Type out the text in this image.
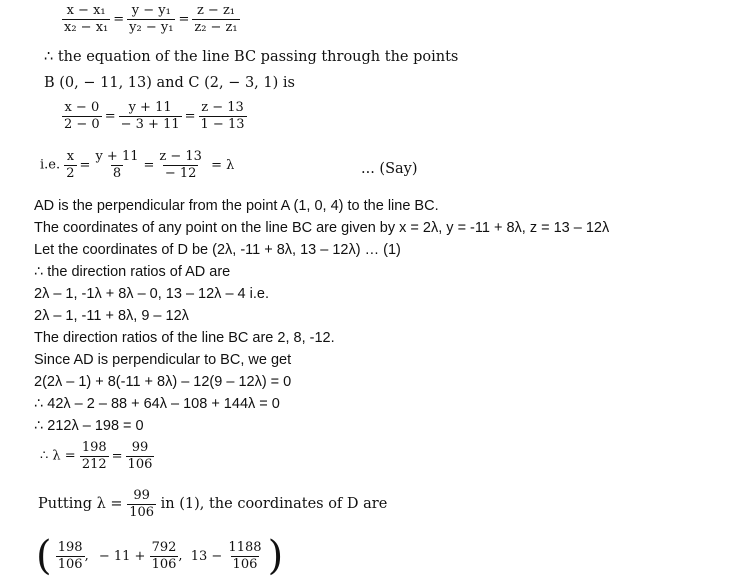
$\frac{\text{x − x₁}}{\text{x₂ − x₁}} = \frac{\text{y − y₁}}{\text{y₂ − y₁}} = \frac{\text{z − z₁}}{\text{z₂ − z₁}}$
∴ the equation of the line BC passing through the points
B (0, − 11, 13) and C (2, − 3, 1) is
$\frac{x - 0}{2 - 0} = \frac{y + 11}{- 3 + 11} = \frac{z - 13}{1 - 13}$
i.e. $\frac{x}{2} = \frac{y + 11}{8} = \frac{z - 13}{- 12} = \lambda$	... (Say)
AD is the perpendicular from the point A (1, 0, 4) to the line BC.
The coordinates of any point on the line BC are given by x = 2λ, y = -11 + 8λ, z = 13 – 12λ
Let the coordinates of D be (2λ, -11 + 8λ, 13 – 12λ) … (1)
∴ the direction ratios of AD are
2λ – 1, -1λ + 8λ – 0, 13 – 12λ – 4 i.e.
2λ – 1, -11 + 8λ, 9 – 12λ
The direction ratios of the line BC are 2, 8, -12.
Since AD is perpendicular to BC, we get
2(2λ – 1) + 8(-11 + 8λ) – 12(9 – 12λ) = 0
∴ 42λ – 2 – 88 + 64λ – 108 + 144λ = 0
∴ 212λ – 198 = 0
∴ $\lambda = \frac{198}{212} = \frac{99}{106}$
Putting $\lambda = \frac{99}{106}$ in (1), the coordinates of D are
( $\frac{198}{106}$ , − $11 + \frac{792}{106}$ , $13 - \frac{1188}{106}$ )
